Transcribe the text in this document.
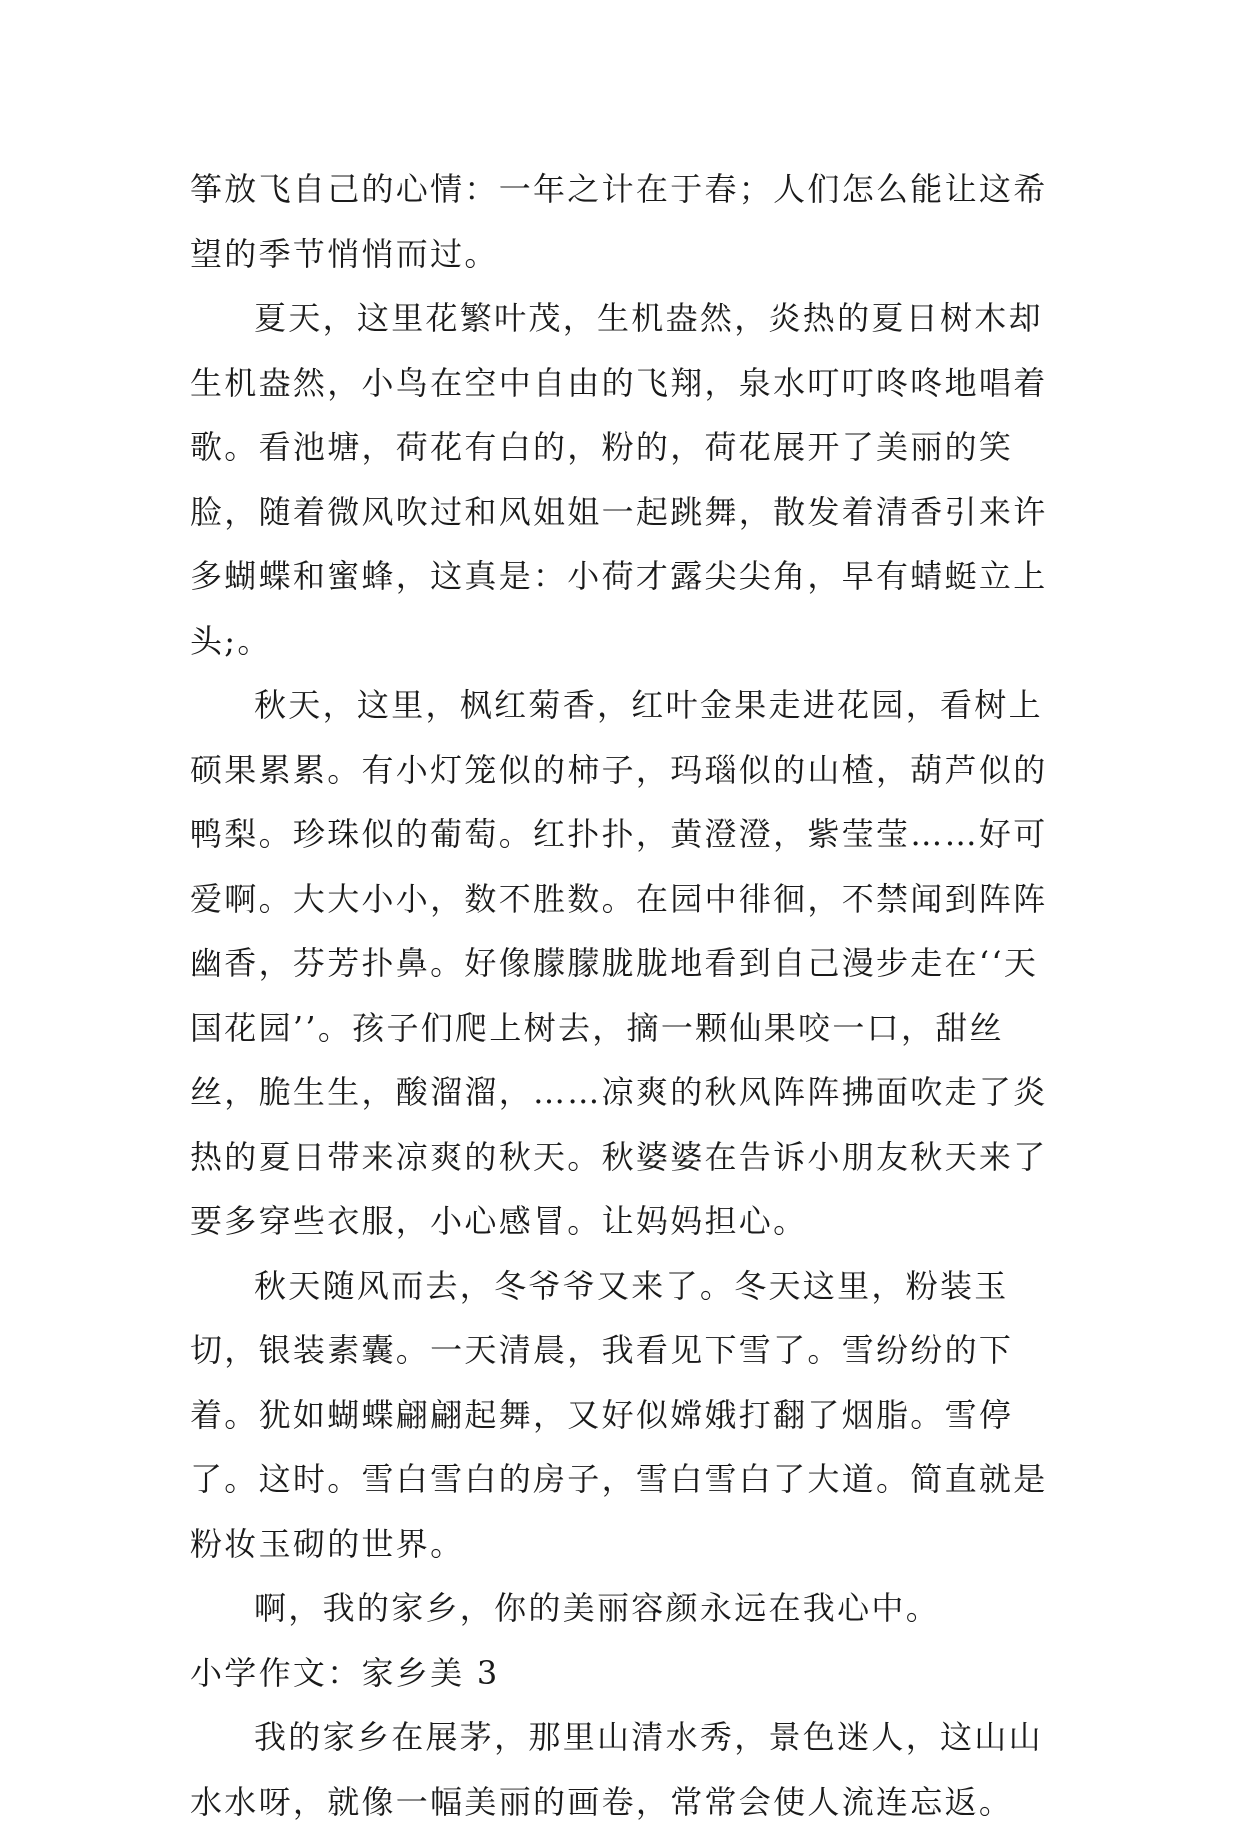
筝放飞自己的心情：一年之计在于春；人们怎么能让这希望的季节悄悄而过。

夏天，这里花繁叶茂，生机盎然，炎热的夏日树木却生机盎然，小鸟在空中自由的飞翔，泉水叮叮咚咚地唱着歌。看池塘，荷花有白的，粉的，荷花展开了美丽的笑脸，随着微风吹过和风姐姐一起跳舞，散发着清香引来许多蝴蝶和蜜蜂，这真是：小荷才露尖尖角，早有蜻蜓立上头;。

秋天，这里，枫红菊香，红叶金果走进花园，看树上硕果累累。有小灯笼似的柿子，玛瑙似的山楂，葫芦似的鸭梨。珍珠似的葡萄。红扑扑，黄澄澄，紫莹莹……好可爱啊。大大小小，数不胜数。在园中徘徊，不禁闻到阵阵幽香，芬芳扑鼻。好像朦朦胧胧地看到自己漫步走在‘‘天国花园’’。孩子们爬上树去，摘一颗仙果咬一口，甜丝丝，脆生生，酸溜溜，……凉爽的秋风阵阵拂面吹走了炎热的夏日带来凉爽的秋天。秋婆婆在告诉小朋友秋天来了要多穿些衣服，小心感冒。让妈妈担心。

秋天随风而去，冬爷爷又来了。冬天这里，粉装玉切，银装素囊。一天清晨，我看见下雪了。雪纷纷的下着。犹如蝴蝶翩翩起舞，又好似嫦娥打翻了烟脂。雪停了。这时。雪白雪白的房子，雪白雪白了大道。简直就是粉妆玉砌的世界。

啊，我的家乡，你的美丽容颜永远在我心中。

小学作文：家乡美 3

我的家乡在展茅，那里山清水秀，景色迷人，这山山水水呀，就像一幅美丽的画卷，常常会使人流连忘返。
